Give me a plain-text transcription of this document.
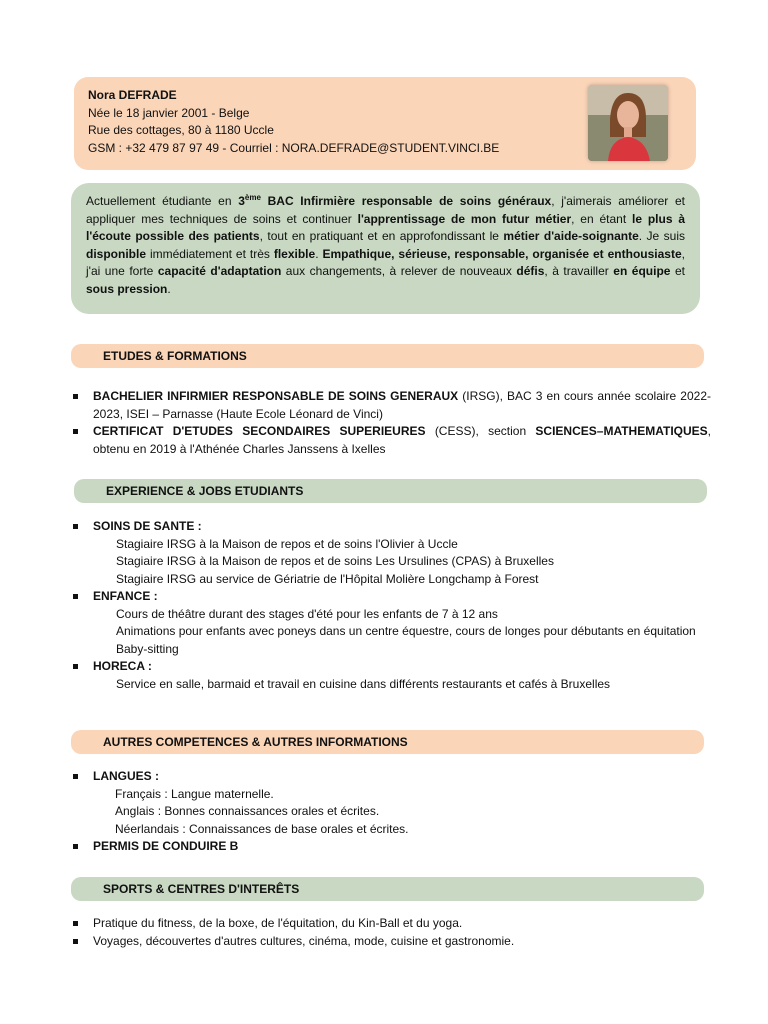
Nora DEFRADE
Née le 18 janvier 2001 - Belge
Rue des cottages, 80 à 1180 Uccle
GSM : +32 479 87 97 49 - Courriel : NORA.DEFRADE@STUDENT.VINCI.BE
Actuellement étudiante en 3ème BAC Infirmière responsable de soins généraux, j'aimerais améliorer et appliquer mes techniques de soins et continuer l'apprentissage de mon futur métier, en étant le plus à l'écoute possible des patients, tout en pratiquant et en approfondissant le métier d'aide-soignante. Je suis disponible immédiatement et très flexible. Empathique, sérieuse, responsable, organisée et enthousiaste, j'ai une forte capacité d'adaptation aux changements, à relever de nouveaux défis, à travailler en équipe et sous pression.
ETUDES & FORMATIONS
BACHELIER INFIRMIER RESPONSABLE DE SOINS GENERAUX (IRSG), BAC 3 en cours année scolaire 2022-2023, ISEI – Parnasse (Haute Ecole Léonard de Vinci)
CERTIFICAT D'ETUDES SECONDAIRES SUPERIEURES (CESS), section SCIENCES–MATHEMATIQUES, obtenu en 2019 à l'Athénée Charles Janssens à Ixelles
EXPERIENCE & JOBS ETUDIANTS
SOINS DE SANTE :
Stagiaire IRSG à la Maison de repos et de soins l'Olivier à Uccle
Stagiaire IRSG à la Maison de repos et de soins Les Ursulines (CPAS) à Bruxelles
Stagiaire IRSG au service de Gériatrie de l'Hôpital Molière Longchamp à Forest
ENFANCE :
Cours de théâtre durant des stages d'été pour les enfants de 7 à 12 ans
Animations pour enfants avec poneys dans un centre équestre, cours de longes pour débutants en équitation
Baby-sitting
HORECA :
Service en salle, barmaid et travail en cuisine dans différents restaurants et cafés à Bruxelles
AUTRES COMPETENCES & AUTRES INFORMATIONS
LANGUES :
Français : Langue maternelle.
Anglais : Bonnes connaissances orales et écrites.
Néerlandais : Connaissances de base orales et écrites.
PERMIS DE CONDUIRE B
SPORTS & CENTRES D'INTERÊTS
Pratique du fitness, de la boxe, de l'équitation, du Kin-Ball et du yoga.
Voyages, découvertes d'autres cultures, cinéma, mode, cuisine et gastronomie.
